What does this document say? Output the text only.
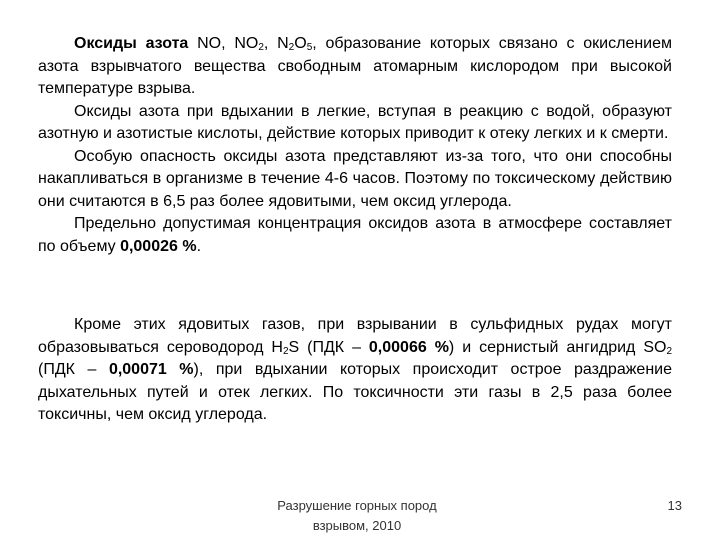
Оксиды азота NO, $NO_2$, $N_2O_5$, образование которых связано с окислением азота взрывчатого вещества свободным атомарным кислородом при высокой температуре взрыва.

Оксиды азота при вдыхании в легкие, вступая в реакцию с водой, образуют азотную и азотистые кислоты, действие которых приводит к отеку легких и к смерти.

Особую опасность оксиды азота представляют из-за того, что они способны накапливаться в организме в течение 4-6 часов. Поэтому по токсическому действию они считаются в 6,5 раз более ядовитыми, чем оксид углерода.

Предельно допустимая концентрация оксидов азота в атмосфере составляет по объему 0,00026 %.

Кроме этих ядовитых газов, при взрывании в сульфидных рудах могут образовываться сероводород $H_2S$ (ПДК – 0,00066 %) и сернистый ангидрид $SO_2$ (ПДК – 0,00071 %), при вдыхании которых происходит острое раздражение дыхательных путей и отек легких. По токсичности эти газы в 2,5 раза более токсичны, чем оксид углерода.

Разрушение горных пород
взрывом, 2010
13
